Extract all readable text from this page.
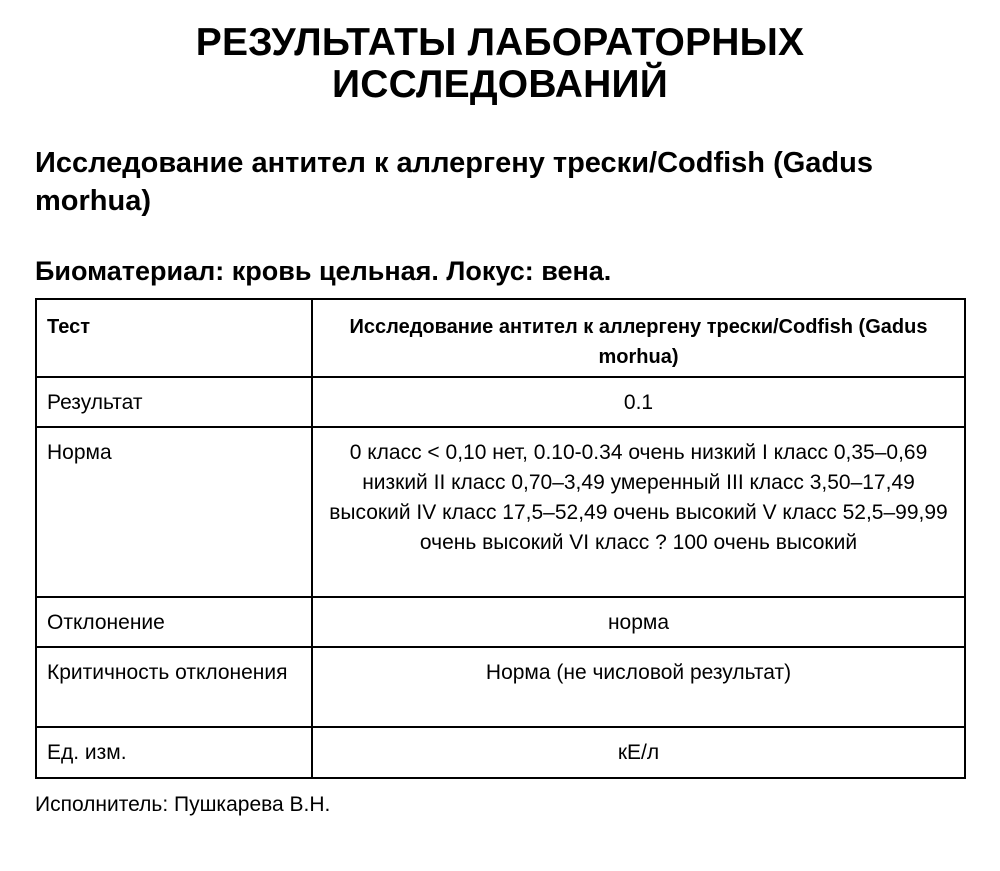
РЕЗУЛЬТАТЫ ЛАБОРАТОРНЫХ ИССЛЕДОВАНИЙ
Исследование антител к аллергену трески/Codfish (Gadus morhua)
Биоматериал: кровь цельная. Локус: вена.
Тест	Исследование антител к аллергену трески/Codfish (Gadus morhua)
Результат	0.1
Норма	0 класс < 0,10 нет, 0.10-0.34 очень низкий I класс 0,35–0,69 низкий II класс 0,70–3,49 умеренный III класс 3,50–17,49 высокий IV класс 17,5–52,49 очень высокий V класс 52,5–99,99 очень высокий VI класс ? 100 очень высокий
Отклонение	норма
Критичность отклонения	Норма (не числовой результат)
Ед. изм.	кЕ/л
Исполнитель: Пушкарева В.Н.
